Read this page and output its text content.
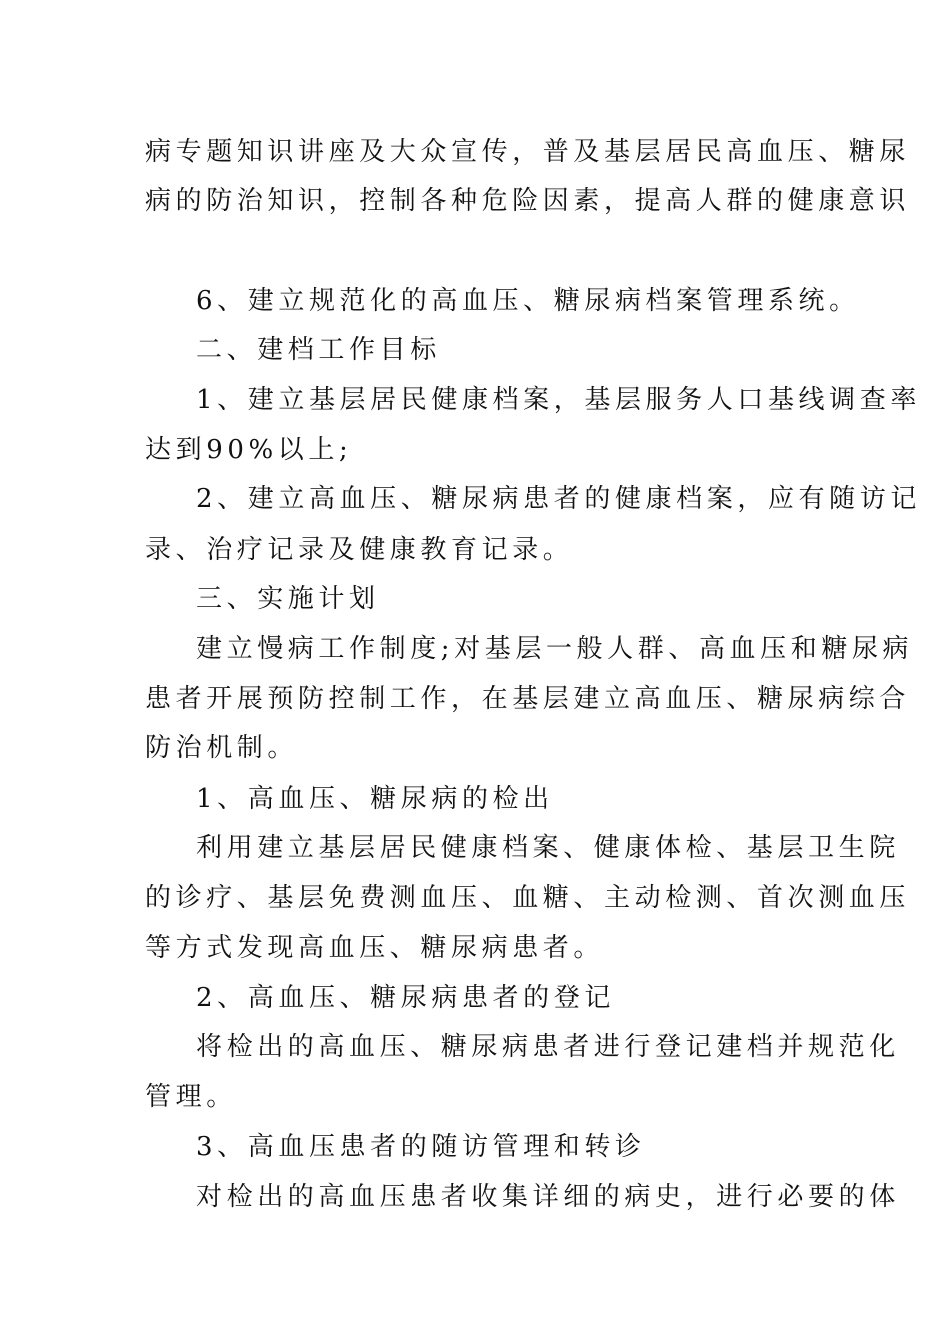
病专题知识讲座及大众宣传，普及基层居民高血压、糖尿
病的防治知识，控制各种危险因素，提高人群的健康意识
6、建立规范化的高血压、糖尿病档案管理系统。
二、建档工作目标
1、建立基层居民健康档案，基层服务人口基线调查率
达到90%以上;
2、建立高血压、糖尿病患者的健康档案，应有随访记
录、治疗记录及健康教育记录。
三、实施计划
建立慢病工作制度;对基层一般人群、高血压和糖尿病
患者开展预防控制工作，在基层建立高血压、糖尿病综合
防治机制。
1、高血压、糖尿病的检出
利用建立基层居民健康档案、健康体检、基层卫生院
的诊疗、基层免费测血压、血糖、主动检测、首次测血压
等方式发现高血压、糖尿病患者。
2、高血压、糖尿病患者的登记
将检出的高血压、糖尿病患者进行登记建档并规范化
管理。
3、高血压患者的随访管理和转诊
对检出的高血压患者收集详细的病史，进行必要的体
